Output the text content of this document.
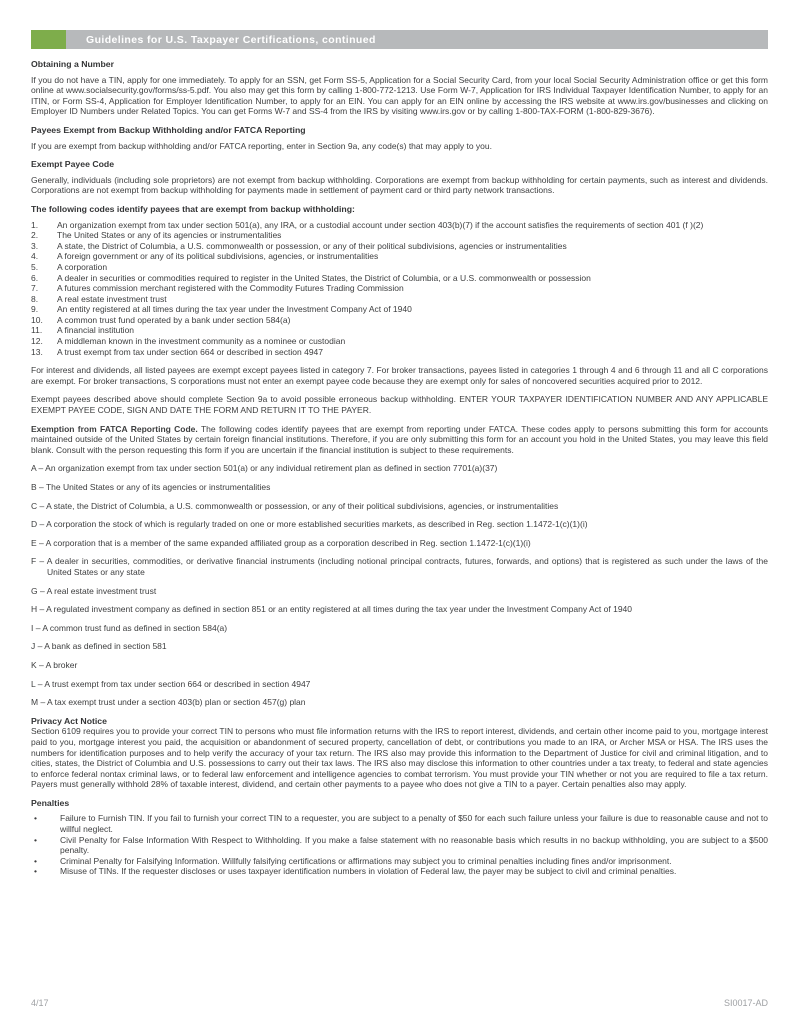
Guidelines for U.S. Taxpayer Certifications, continued
Obtaining a Number

If you do not have a TIN, apply for one immediately. To apply for an SSN, get Form SS-5, Application for a Social Security Card, from your local Social Security Administration office or get this form online at www.socialsecurity.gov/forms/ss-5.pdf. You also may get this form by calling 1-800-772-1213. Use Form W-7, Application for IRS Individual Taxpayer Identification Number, to apply for an ITIN, or Form SS-4, Application for Employer Identification Number, to apply for an EIN. You can apply for an EIN online by accessing the IRS website at www.irs.gov/businesses and clicking on Employer ID Numbers under Related Topics. You can get Forms W-7 and SS-4 from the IRS by visiting www.irs.gov or by calling 1-800-TAX-FORM (1-800-829-3676).

Payees Exempt from Backup Withholding and/or FATCA Reporting

If you are exempt from backup withholding and/or FATCA reporting, enter in Section 9a, any code(s) that may apply to you.

Exempt Payee Code

Generally, individuals (including sole proprietors) are not exempt from backup withholding. Corporations are exempt from backup withholding for certain payments, such as interest and dividends. Corporations are not exempt from backup withholding for payments made in settlement of payment card or third party network transactions.

The following codes identify payees that are exempt from backup withholding:
1.	An organization exempt from tax under section 501(a), any IRA, or a custodial account under section 403(b)(7) if the account satisfies the requirements of section 401 (f )(2)
2.	The United States or any of its agencies or instrumentalities
3.	A state, the District of Columbia, a U.S. commonwealth or possession, or any of their political subdivisions, agencies or instrumentalities
4.	A foreign government or any of its political subdivisions, agencies, or instrumentalities
5.	A corporation
6.	A dealer in securities or commodities required to register in the United States, the District of Columbia, or a U.S. commonwealth or possession
7.	A futures commission merchant registered with the Commodity Futures Trading Commission
8.	A real estate investment trust
9.	An entity registered at all times during the tax year under the Investment Company Act of 1940
10.	A common trust fund operated by a bank under section 584(a)
11.	A financial institution
12.	A middleman known in the investment community as a nominee or custodian
13.	A trust exempt from tax under section 664 or described in section 4947

For interest and dividends, all listed payees are exempt except payees listed in category 7. For broker transactions, payees listed in categories 1 through 4 and 6 through 11 and all C corporations are exempt. For broker transactions, S corporations must not enter an exempt payee code because they are exempt only for sales of noncovered securities acquired prior to 2012.

Exempt payees described above should complete Section 9a to avoid possible erroneous backup withholding. ENTER YOUR TAXPAYER IDENTIFICATION NUMBER AND ANY APPLICABLE EXEMPT PAYEE CODE, SIGN AND DATE THE FORM AND RETURN IT TO THE PAYER.

Exemption from FATCA Reporting Code. The following codes identify payees that are exempt from reporting under FATCA. These codes apply to persons submitting this form for accounts maintained outside of the United States by certain foreign financial institutions. Therefore, if you are only submitting this form for an account you hold in the United States, you may leave this field blank. Consult with the person requesting this form if you are uncertain if the financial institution is subject to these requirements.

A – An organization exempt from tax under section 501(a) or any individual retirement plan as defined in section 7701(a)(37)

B – The United States or any of its agencies or instrumentalities

C – A state, the District of Columbia, a U.S. commonwealth or possession, or any of their political subdivisions, agencies, or instrumentalities

D – A corporation the stock of which is regularly traded on one or more established securities markets, as described in Reg. section 1.1472-1(c)(1)(i)

E – A corporation that is a member of the same expanded affiliated group as a corporation described in Reg. section 1.1472-1(c)(1)(i)

F – A dealer in securities, commodities, or derivative financial instruments (including notional principal contracts, futures, forwards, and options) that is registered as such under the laws of the United States or any state

G – A real estate investment trust

H – A regulated investment company as defined in section 851 or an entity registered at all times during the tax year under the Investment Company Act of 1940

I – A common trust fund as defined in section 584(a)

J – A bank as defined in section 581

K – A broker

L – A trust exempt from tax under section 664 or described in section 4947

M – A tax exempt trust under a section 403(b) plan or section 457(g) plan

Privacy Act Notice

Section 6109 requires you to provide your correct TIN to persons who must file information returns with the IRS to report interest, dividends, and certain other income paid to you, mortgage interest paid to you, mortgage interest you paid, the acquisition or abandonment of secured property, cancellation of debt, or contributions you made to an IRA, or Archer MSA or HSA. The IRS uses the numbers for identification purposes and to help verify the accuracy of your tax return. The IRS also may provide this information to the Department of Justice for civil and criminal litigation, and to cities, states, the District of Columbia and U.S. possessions to carry out their tax laws. The IRS also may disclose this information to other countries under a tax treaty, to federal and state agencies to enforce federal nontax criminal laws, or to federal law enforcement and intelligence agencies to combat terrorism. You must provide your TIN whether or not you are required to file a tax return. Payers must generally withhold 28% of taxable interest, dividend, and certain other payments to a payee who does not give a TIN to a payer. Certain penalties also may apply.

Penalties
•	Failure to Furnish TIN. If you fail to furnish your correct TIN to a requester, you are subject to a penalty of $50 for each such failure unless your failure is due to reasonable cause and not to willful neglect.
•	Civil Penalty for False Information With Respect to Withholding. If you make a false statement with no reasonable basis which results in no backup withholding, you are subject to a $500 penalty.
•	Criminal Penalty for Falsifying Information. Willfully falsifying certifications or affirmations may subject you to criminal penalties including fines and/or imprisonment.
•	Misuse of TINs. If the requester discloses or uses taxpayer identification numbers in violation of Federal law, the payer may be subject to civil and criminal penalties.
4/17	SI0017-AD
